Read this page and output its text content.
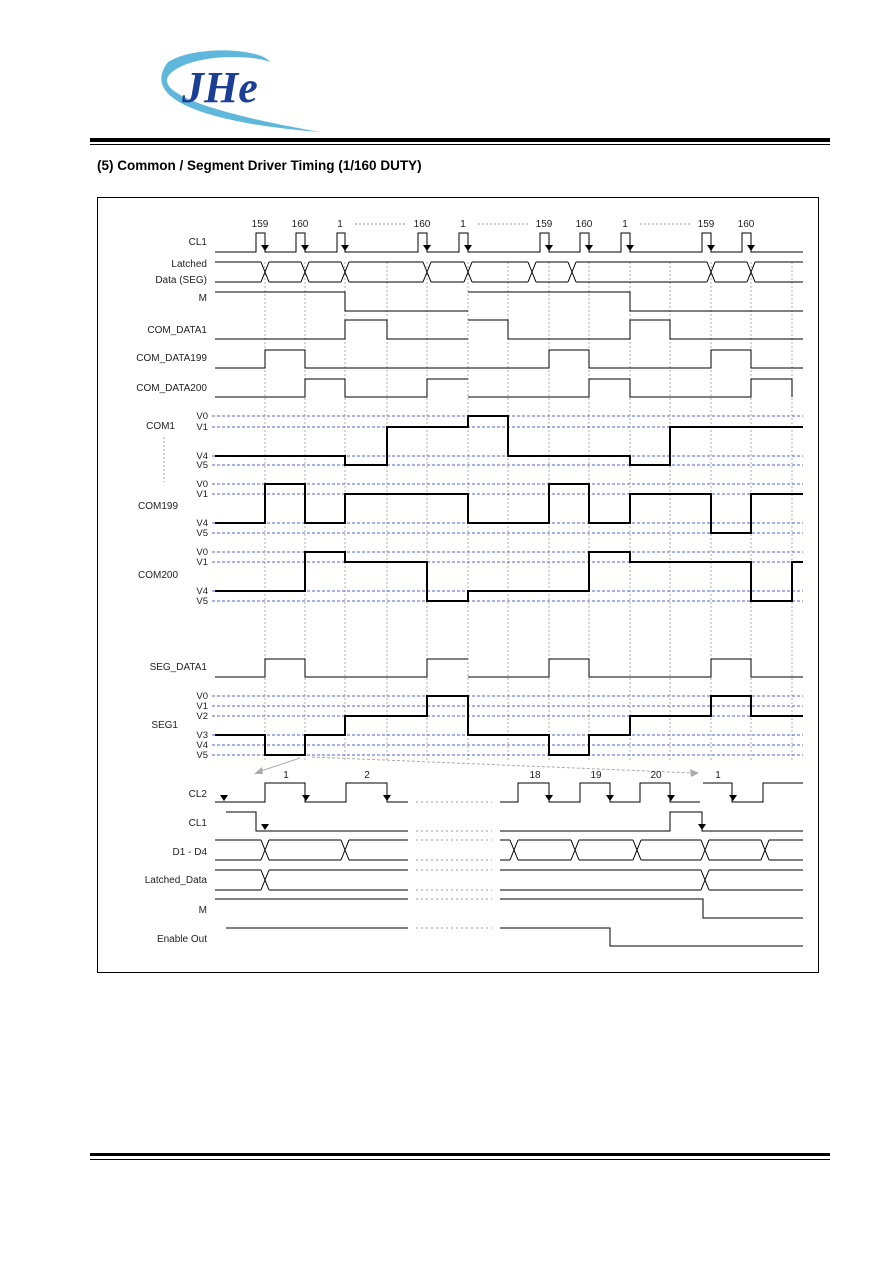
JHe
(5) Common / Segment Driver Timing (1/160 DUTY)
CL1
159 160	1	160	1	159 160	1	159 160
Latched
Data (SEG)
M
COM_DATA1
COM_DATA199
COM_DATA200
COM1
V0
V1
V4
V5
COM199
V0
V1
V4
V5
COM200
V0
V1
V4
V5
SEG_DATA1
SEG1
V0
V1
V2
V3
V4
V5
CL2
1	2	18	19	20	1
CL1
D1 - D4
Latched_Data
M
Enable Out
